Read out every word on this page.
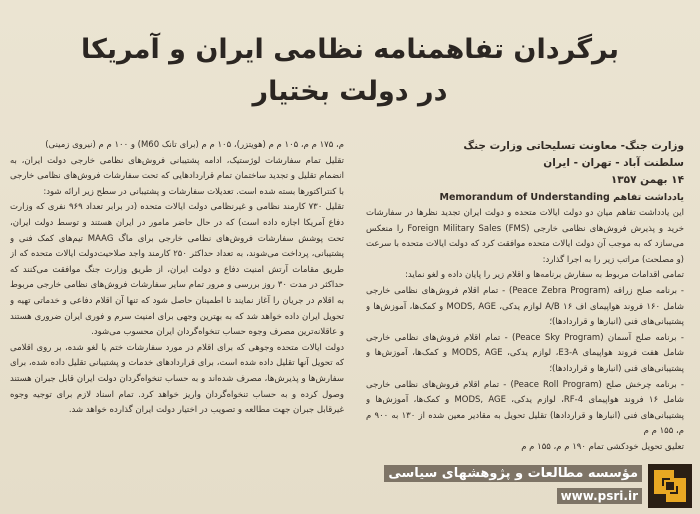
برگردان تفاهمنامه نظامی ایران و آمریکا
در دولت بختیار

وزارت جنگ- معاونت تسلیحاتی وزارت جنگ

سلطنت آباد - تهران - ایران

۱۴ بهمن ۱۳۵۷

یادداشت تفاهم Memorandum of Understanding

این یادداشت تفاهم میان دو دولت ایالات متحده و دولت ایران تجدید نظرها در سفارشات خرید و پذیرش فروش‌های نظامی خارجی Foreign Military Sales (FMS) را منعکس می‌سازد که به موجب آن دولت ایالات متحده موافقت کرد که دولت ایالات متحده با سرعت (و مصلحت) مراتب زیر را به اجرا گذارد:

تمامی اقدامات مربوط به سفارش برنامه‌ها و اقلام زیر را پایان داده و لغو نماید:

- برنامه صلح زرافه (Peace Zebra Program) - تمام اقلام فروش‌های نظامی خارجی شامل ۱۶۰ فروند هواپیمای اف ۱۶ A/B لوازم یدکی، MODS, AGE و کمک‌ها، آموزش‌ها و پشتیبانی‌های فنی (انبارها و قراردادها)؛

- برنامه صلح آسمان (Peace Sky Program) - تمام اقلام فروش‌های نظامی خارجی شامل هفت فروند هواپیمای E3-A، لوازم یدکی، MODS, AGE و کمک‌ها، آموزش‌ها و پشتیبانی‌های فنی (انبارها و قراردادها)؛

- برنامه چرخش صلح (Peace Roll Program) - تمام اقلام فروش‌های نظامی خارجی شامل ۱۶ فروند هواپیمای RF-4، لوازم یدکی، MODS, AGE و کمک‌ها، آموزش‌ها و پشتیبانی‌های فنی (انبارها و قراردادها) تقلیل تحویل به مقادیر معین شده از ۱۳۰ به ۹۰۰ م م، ۱۵۵ م م

تعلیق تحویل خودکشی تمام ۱۹۰ م م، ۱۵۵ م م

م، ۱۷۵ م م، ۱۰۵ م م (هویتزر)، ۱۰۵ م م (برای تانک M60) و ۱۰۰ م م (نیروی زمینی)

تقلیل تمام سفارشات لوژستیک، ادامه پشتیبانی فروش‌های نظامی خارجی دولت ایران، به انضمام تقلیل و تجدید ساختمان تمام قراردادهایی که تحت سفارشات فروش‌های نظامی خارجی با کنتراکتورها بسته شده است. تعدیلات سفارشات و پشتیبانی در سطح زیر ارائه شود:

تقلیل ۷۳۰ کارمند نظامی و غیرنظامی دولت ایالات متحده (در برابر تعداد ۹۶۹ نفری که وزارت دفاع آمریکا اجازه داده است) که در حال حاضر مامور در ایران هستند و توسط دولت ایران، تحت پوشش سفارشات فروش‌های نظامی خارجی برای ماگ MAAG تیم‌های کمک فنی و پشتیبانی، پرداخت می‌شوند، به تعداد حداکثر ۲۵۰ کارمند واجد صلاحیت‌دولت ایالات متحده که از طریق مقامات آرتش امنیت دفاع و دولت ایران، از طریق وزارت جنگ موافقت می‌کنند که حداکثر در مدت ۳۰ روز بررسی و مرور تمام سایر سفارشات فروش‌های نظامی خارجی مربوط به اقلام در جریان را آغاز نمایند تا اطمینان حاصل شود که تنها آن اقلام دفاعی و خدماتی تهیه و تحویل ایران داده خواهد شد که به بهترین وجهی برای امنیت سرم و فوری ایران ضروری هستند و عاقلانه‌ترین مصرف وجوه حساب تنخواه‌گردان ایران محسوب می‌شود.

دولت ایالات متحده وجوهی که برای اقلام در مورد سفارشات ختم یا لغو شده، بر روی اقلامی که تحویل آنها تقلیل داده شده است، برای قراردادهای خدمات و پشتیبانی تقلیل داده شده، برای سفارش‌ها و پذیرش‌ها، مصرف شده‌اند و به حساب تنخواه‌گردان دولت ایران قابل جبران هستند وصول کرده و به حساب تنخواه‌گردان واریز خواهد کرد. تمام اسناد لازم برای توجیه وجوه غیرقابل جبران جهت مطالعه و تصویب در اختیار دولت ایران گذارده خواهد شد.

مؤسسه مطالعات و پژوهشهای سیاسی
www.psri.ir
